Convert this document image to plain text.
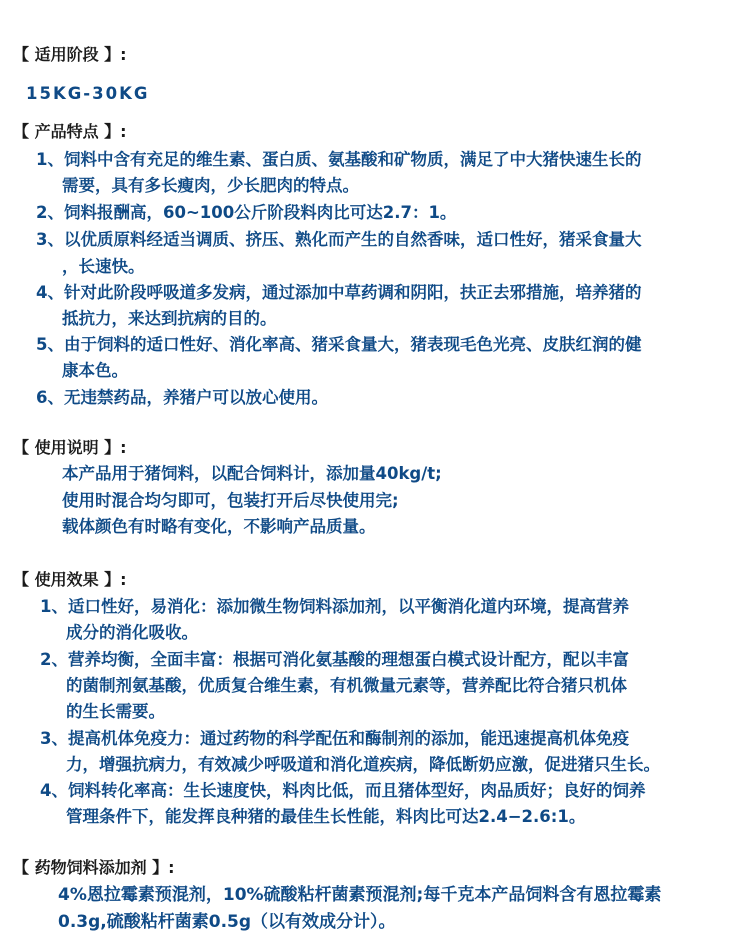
【 适用阶段 】:
15KG-30KG
【 产品特点 】:
1、饲料中含有充足的维生素、蛋白质、氨基酸和矿物质，满足了中大猪快速生长的
需要，具有多长瘦肉，少长肥肉的特点。
2、饲料报酬高，60~100公斤阶段料肉比可达2.7：1。
3、以优质原料经适当调质、挤压、熟化而产生的自然香味，适口性好，猪采食量大
，长速快。
4、针对此阶段呼吸道多发病，通过添加中草药调和阴阳，扶正去邪措施，培养猪的
抵抗力，来达到抗病的目的。
5、由于饲料的适口性好、消化率高、猪采食量大，猪表现毛色光亮、皮肤红润的健
康本色。
6、无违禁药品，养猪户可以放心使用。
【 使用说明 】:
本产品用于猪饲料，以配合饲料计，添加量40kg/t;
使用时混合均匀即可，包装打开后尽快使用完;
载体颜色有时略有变化，不影响产品质量。
【 使用效果 】:
1、适口性好，易消化：添加微生物饲料添加剂，以平衡消化道内环境，提高营养
成分的消化吸收。
2、营养均衡，全面丰富：根据可消化氨基酸的理想蛋白模式设计配方，配以丰富
的菌制剂氨基酸，优质复合维生素，有机微量元素等，营养配比符合猪只机体
的生长需要。
3、提高机体免疫力：通过药物的科学配伍和酶制剂的添加，能迅速提高机体免疫
力，增强抗病力，有效减少呼吸道和消化道疾病，降低断奶应激，促进猪只生长。
4、饲料转化率高：生长速度快，料肉比低，而且猪体型好，肉品质好；良好的饲养
管理条件下，能发挥良种猪的最佳生长性能，料肉比可达2.4−2.6:1。
【 药物饲料添加剂 】:
4%恩拉霉素预混剂，10%硫酸粘杆菌素预混剂;每千克本产品饲料含有恩拉霉素
0.3g,硫酸粘杆菌素0.5g（以有效成分计）。
